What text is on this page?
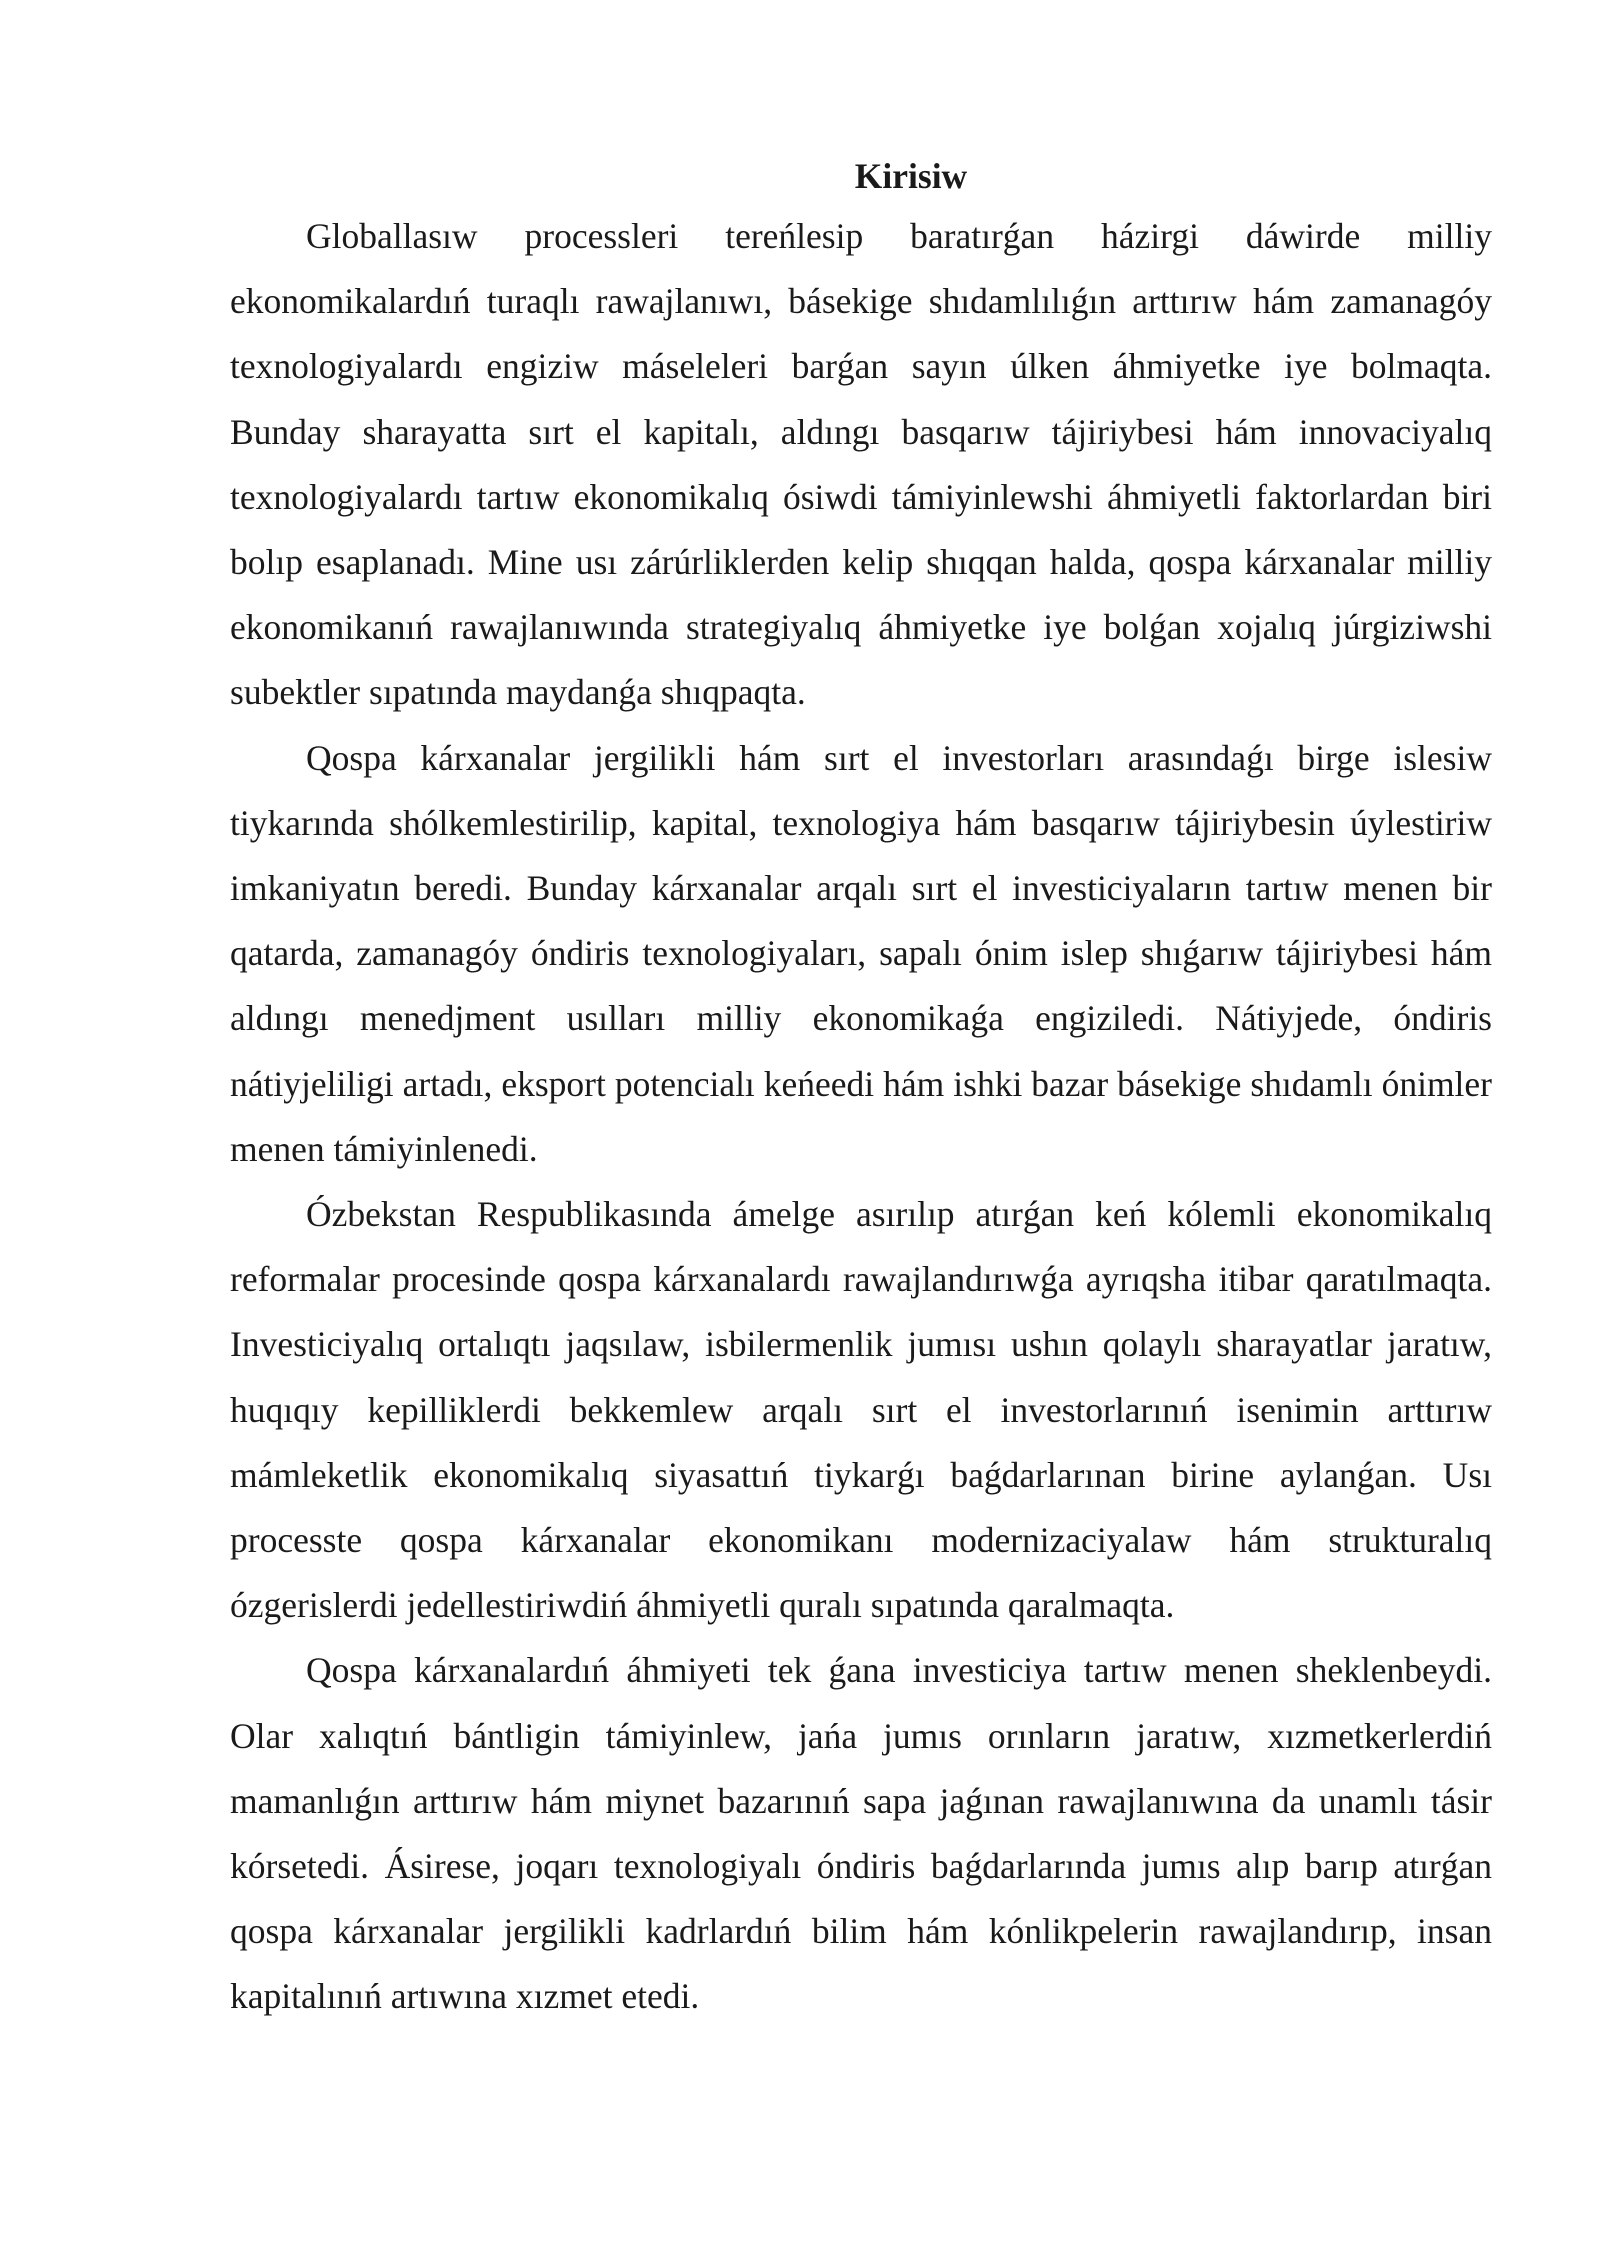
Kirisiw

Globallasıw processleri tereńlesip baratırǵan házirgi dáwirde milliy ekonomikalardıń turaqlı rawajlanıwı, básekige shıdamlılıǵın arttırıw hám zamanagóy texnologiyalardı engiziw máseleleri barǵan sayın úlken áhmiyetke iye bolmaqta. Bunday sharayatta sırt el kapitalı, aldıngı basqarıw tájiriybesi hám innovaciyalıq texnologiyalardı tartıw ekonomikalıq ósiwdi támiyinlewshi áhmiyetli faktorlardan biri bolıp esaplanadı. Mine usı zárúrliklerden kelip shıqqan halda, qospa kárxanalar milliy ekonomikanıń rawajlanıwında strategiyalıq áhmiyetke iye bolǵan xojalıq júrgiziwshi subektler sıpatında maydanǵa shıqpaqta.

Qospa kárxanalar jergilikli hám sırt el investorları arasındaǵı birge islesiw tiykarında shólkemlestirilip, kapital, texnologiya hám basqarıw tájiriybesin úylestiriw imkaniyatın beredi. Bunday kárxanalar arqalı sırt el investiciyaların tartıw menen bir qatarda, zamanagóy óndiris texnologiyaları, sapalı ónim islep shıǵarıw tájiriybesi hám aldıngı menedjment usılları milliy ekonomikaǵa engiziledi. Nátiyjede, óndiris nátiyjeliligi artadı, eksport potencialı keńeedi hám ishki bazar básekige shıdamlı ónimler menen támiyinlenedi.

Ózbekstan Respublikasında ámelge asırılıp atırǵan keń kólemli ekonomikalıq reformalar procesinde qospa kárxanalardı rawajlandırıwǵa ayrıqsha itibar qaratılmaqta. Investiciyalıq ortalıqtı jaqsılaw, isbilermenlik jumısı ushın qolaylı sharayatlar jaratıw, huqıqıy kepilliklerdi bekkemlew arqalı sırt el investorlarınıń isenimin arttırıw mámleketlik ekonomikalıq siyasattıń tiykarǵı baǵdarlarınan birine aylanǵan. Usı processte qospa kárxanalar ekonomikanı modernizaciyalaw hám strukturalıq ózgerislerdi jedellestiriwdiń áhmiyetli quralı sıpatında qaralmaqta.

Qospa kárxanalardıń áhmiyeti tek ǵana investiciya tartıw menen sheklenbeydi. Olar xalıqtıń bántligin támiyinlew, jańa jumıs orınların jaratıw, xızmetkerlerdiń mamanlıǵın arttırıw hám miynet bazarınıń sapa jaǵınan rawajlanıwına da unamlı tásir kórsetedi. Ásirese, joqarı texnologiyalı óndiris baǵdarlarında jumıs alıp barıp atırǵan qospa kárxanalar jergilikli kadrlardıń bilim hám kónlikpelerin rawajlandırıp, insan kapitalınıń artıwına xızmet etedi.
